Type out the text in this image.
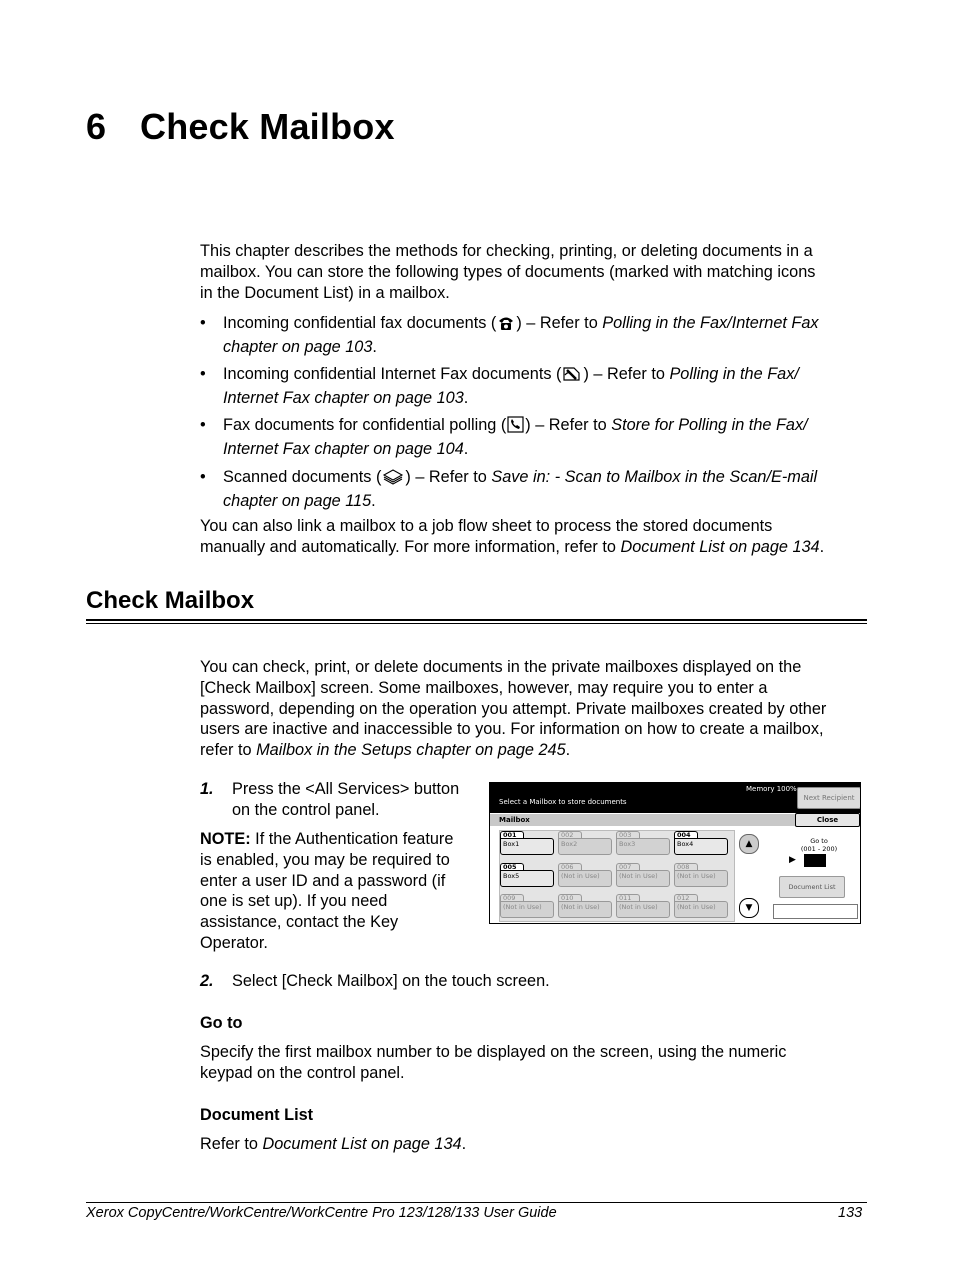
6 Check Mailbox
This chapter describes the methods for checking, printing, or deleting documents in a
mailbox. You can store the following types of documents (marked with matching icons
in the Document List) in a mailbox.
• Incoming confidential fax documents ( ) – Refer to Polling in the Fax/Internet Fax
chapter on page 103.
• Incoming confidential Internet Fax documents ( ) – Refer to Polling in the Fax/
Internet Fax chapter on page 103.
• Fax documents for confidential polling ( ) – Refer to Store for Polling in the Fax/
Internet Fax chapter on page 104.
• Scanned documents ( ) – Refer to Save in: - Scan to Mailbox in the Scan/E-mail
chapter on page 115.
You can also link a mailbox to a job flow sheet to process the stored documents
manually and automatically. For more information, refer to Document List on page 134.
Check Mailbox
You can check, print, or delete documents in the private mailboxes displayed on the
[Check Mailbox] screen. Some mailboxes, however, may require you to enter a
password, depending on the operation you attempt. Private mailboxes created by other
users are inactive and inaccessible to you. For information on how to create a mailbox,
refer to Mailbox in the Setups chapter on page 245.
1. Press the <All Services> button
on the control panel.
NOTE: If the Authentication feature
is enabled, you may be required to
enter a user ID and a password (if
one is set up). If you need
assistance, contact the Key
Operator.
Memory 100%
Select a Mailbox to store documents	Next Recipient
Mailbox	Close
001
Box1
002
Box2
003
Box3
004
Box4
005
Box5
006
(Not in Use)
007
(Not in Use)
008
(Not in Use)
009
(Not in Use)
010
(Not in Use)
011
(Not in Use)
012
(Not in Use)
▲
▼
Go to
(001 - 200)
▶
Document List
2. Select [Check Mailbox] on the touch screen.
Go to
Specify the first mailbox number to be displayed on the screen, using the numeric
keypad on the control panel.
Document List
Refer to Document List on page 134.
Xerox CopyCentre/WorkCentre/WorkCentre Pro 123/128/133 User Guide	133
